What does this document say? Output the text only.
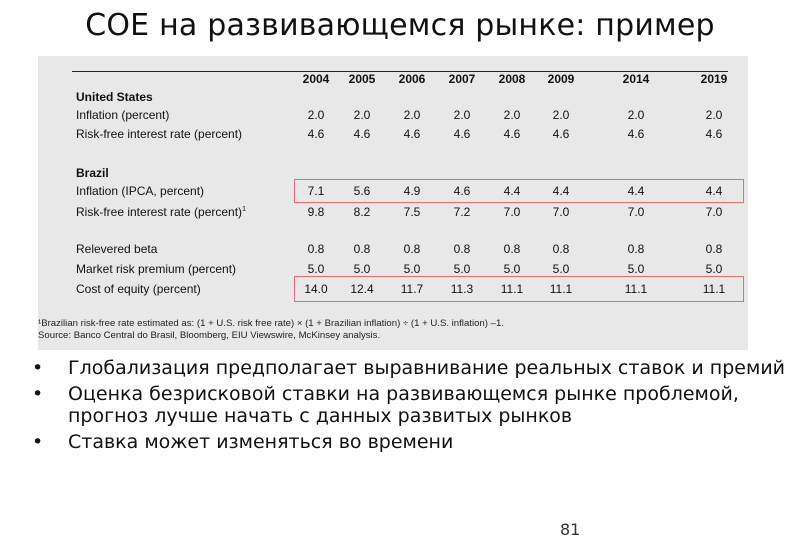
COE на развивающемся рынке: пример
2004	2005	2006	2007	2008	2009	2014	2019
United States
Inflation (percent)	2.0	2.0	2.0	2.0	2.0	2.0	2.0	2.0
Risk-free interest rate (percent)	4.6	4.6	4.6	4.6	4.6	4.6	4.6	4.6
Brazil
Inflation (IPCA, percent)	7.1	5.6	4.9	4.6	4.4	4.4	4.4	4.4
Risk-free interest rate (percent)$^1$	9.8	8.2	7.5	7.2	7.0	7.0	7.0	7.0
Relevered beta	0.8	0.8	0.8	0.8	0.8	0.8	0.8	0.8
Market risk premium (percent)	5.0	5.0	5.0	5.0	5.0	5.0	5.0	5.0
Cost of equity (percent)	14.0	12.4	11.7	11.3	11.1	11.1	11.1	11.1
¹Brazilian risk-free rate estimated as: (1 + U.S. risk free rate) × (1 + Brazilian inflation) ÷ (1 + U.S. inflation) –1.
Source: Banco Central do Brasil, Bloomberg, EIU Viewswire, McKinsey analysis.
• Глобализация предполагает выравнивание реальных ставок и премий
• Оценка безрисковой ставки на развивающемся рынке проблемой, прогноз лучше начать с данных развитых рынков
• Ставка может изменяться во времени
81
